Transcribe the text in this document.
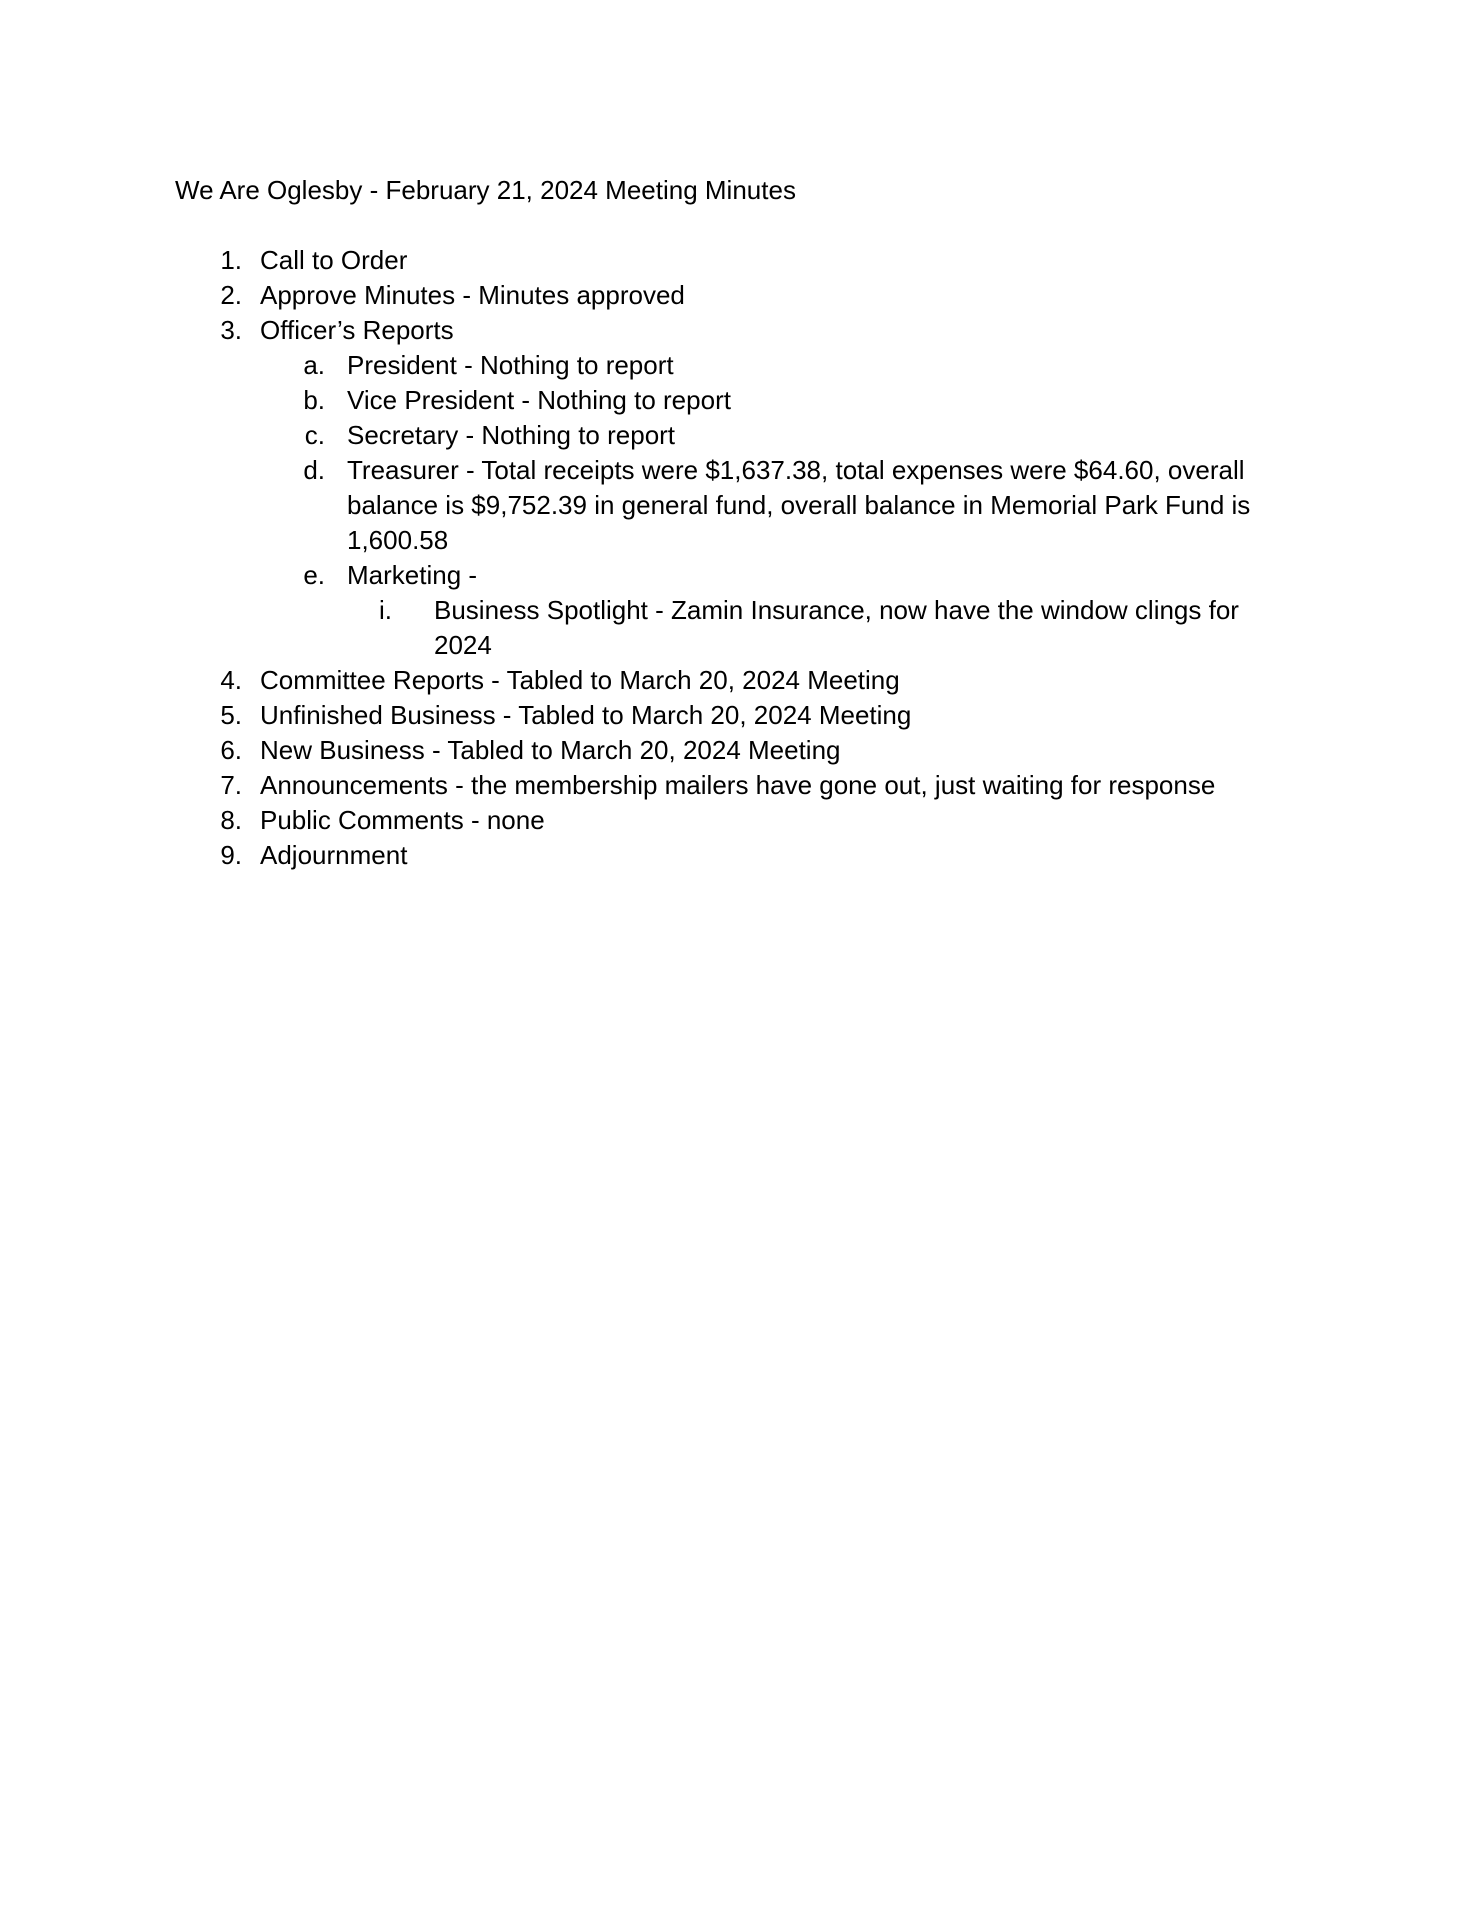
We Are Oglesby - February 21, 2024 Meeting Minutes
1. Call to Order
2. Approve Minutes - Minutes approved
3. Officer’s Reports
a. President - Nothing to report
b. Vice President - Nothing to report
c. Secretary - Nothing to report
d. Treasurer - Total receipts were $1,637.38, total expenses were $64.60, overall
balance is $9,752.39 in general fund, overall balance in Memorial Park Fund is
1,600.58
e. Marketing -
i. Business Spotlight - Zamin Insurance, now have the window clings for
2024
4. Committee Reports - Tabled to March 20, 2024 Meeting
5. Unfinished Business - Tabled to March 20, 2024 Meeting
6. New Business - Tabled to March 20, 2024 Meeting
7. Announcements - the membership mailers have gone out, just waiting for response
8. Public Comments - none
9. Adjournment
